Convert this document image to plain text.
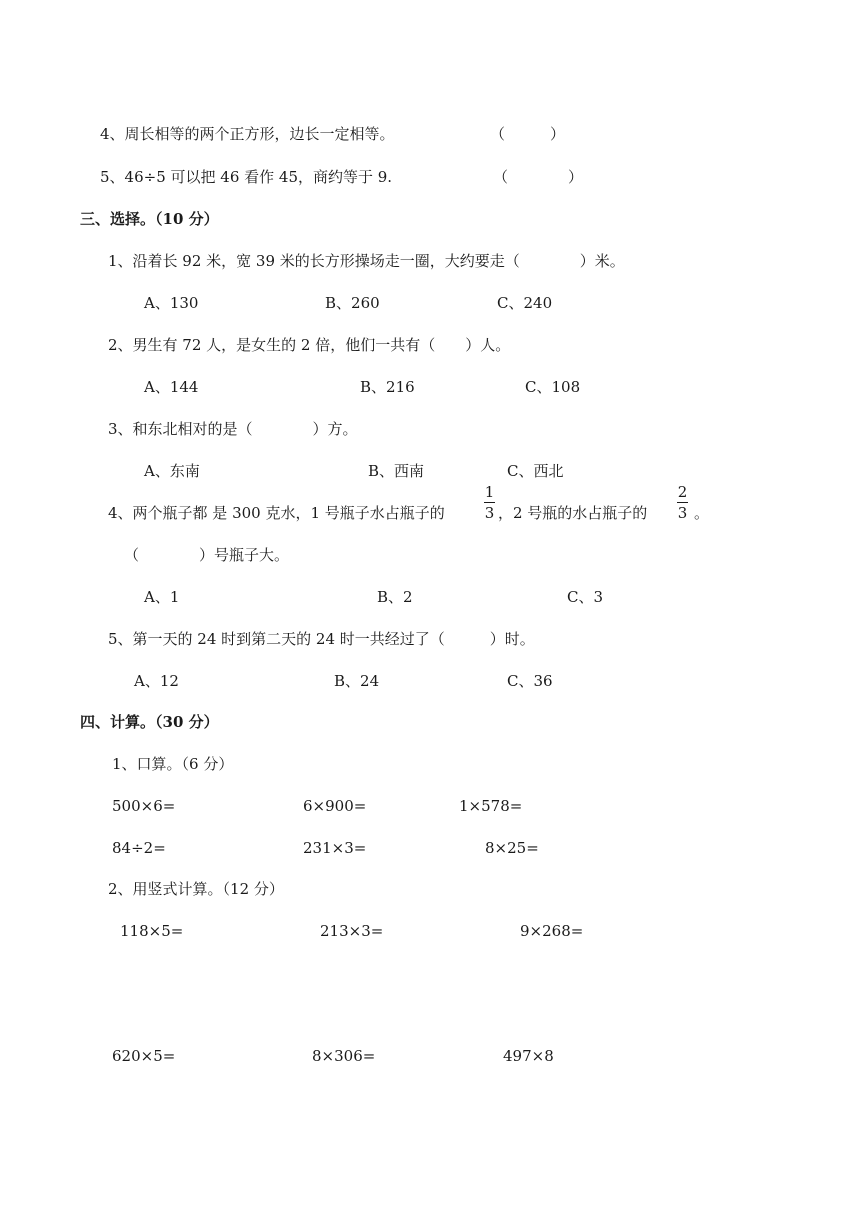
4、周长相等的两个正方形，边长一定相等。	（　　　）
5、46÷5 可以把 46 看作 45，商约等于 9.	（　　　　）
三、选择。（10 分）
1、沿着长 92 米，宽 39 米的长方形操场走一圈，大约要走（　　　　）米。
A、130	B、260	C、240
2、男生有 72 人，是女生的 2 倍，他们一共有（　　）人。
A、144	B、216	C、108
3、和东北相对的是（　　　　）方。
A、东南	B、西南	C、西北
4、两个瓶子都 是 300 克水，1 号瓶子水占瓶子的
1
3 ，2 号瓶的水占瓶子的
2
3 。
（　　　　）号瓶子大。
A、1	B、2	C、3
5、第一天的 24 时到第二天的 24 时一共经过了（　　　）时。
A、12	B、24	C、36
四、计算。（30 分）
1、口算。（6 分）
500×6=	6×900=	1×578=
84÷2=	231×3=	8×25=
2、用竖式计算。（12 分）
118×5=	213×3=	9×268=
620×5=	8×306=	497×8
